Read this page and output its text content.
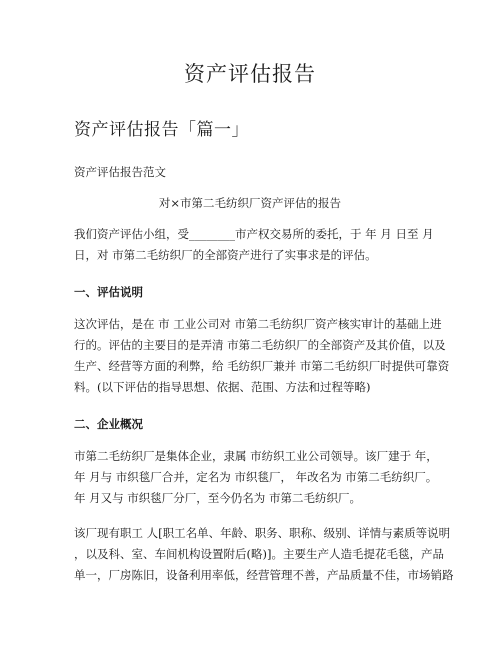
资产评估报告
资产评估报告「篇一」
资产评估报告范文
对×市第二毛纺织厂资产评估的报告
我们资产评估小组，受________市产权交易所的委托，于 年 月 日至 月
日，对 市第二毛纺织厂的全部资产进行了实事求是的评估。
一、评估说明
这次评估，是在 市 工业公司对 市第二毛纺织厂资产核实审计的基础上进
行的。评估的主要目的是弄清 市第二毛纺织厂的全部资产及其价值，以及
生产、经营等方面的利弊，给 毛纺织厂兼并 市第二毛纺织厂时提供可靠资
料。(以下评估的指导思想、依据、范围、方法和过程等略)
二、企业概况
市第二毛纺织厂是集体企业，隶属 市纺织工业公司领导。该厂建于 年，
年 月与 市织毯厂合并，定名为 市织毯厂， 年改名为 市第二毛纺织厂。
年 月又与 市织毯厂分厂，至今仍名为 市第二毛纺织厂。
该厂现有职工 人[职工名单、年龄、职务、职称、级别、详情与素质等说明
，以及科、室、车间机构设置附后(略)]。主要生产人造毛提花毛毯，产品
单一，厂房陈旧，设备利用率低，经营管理不善，产品质量不佳，市场销路
